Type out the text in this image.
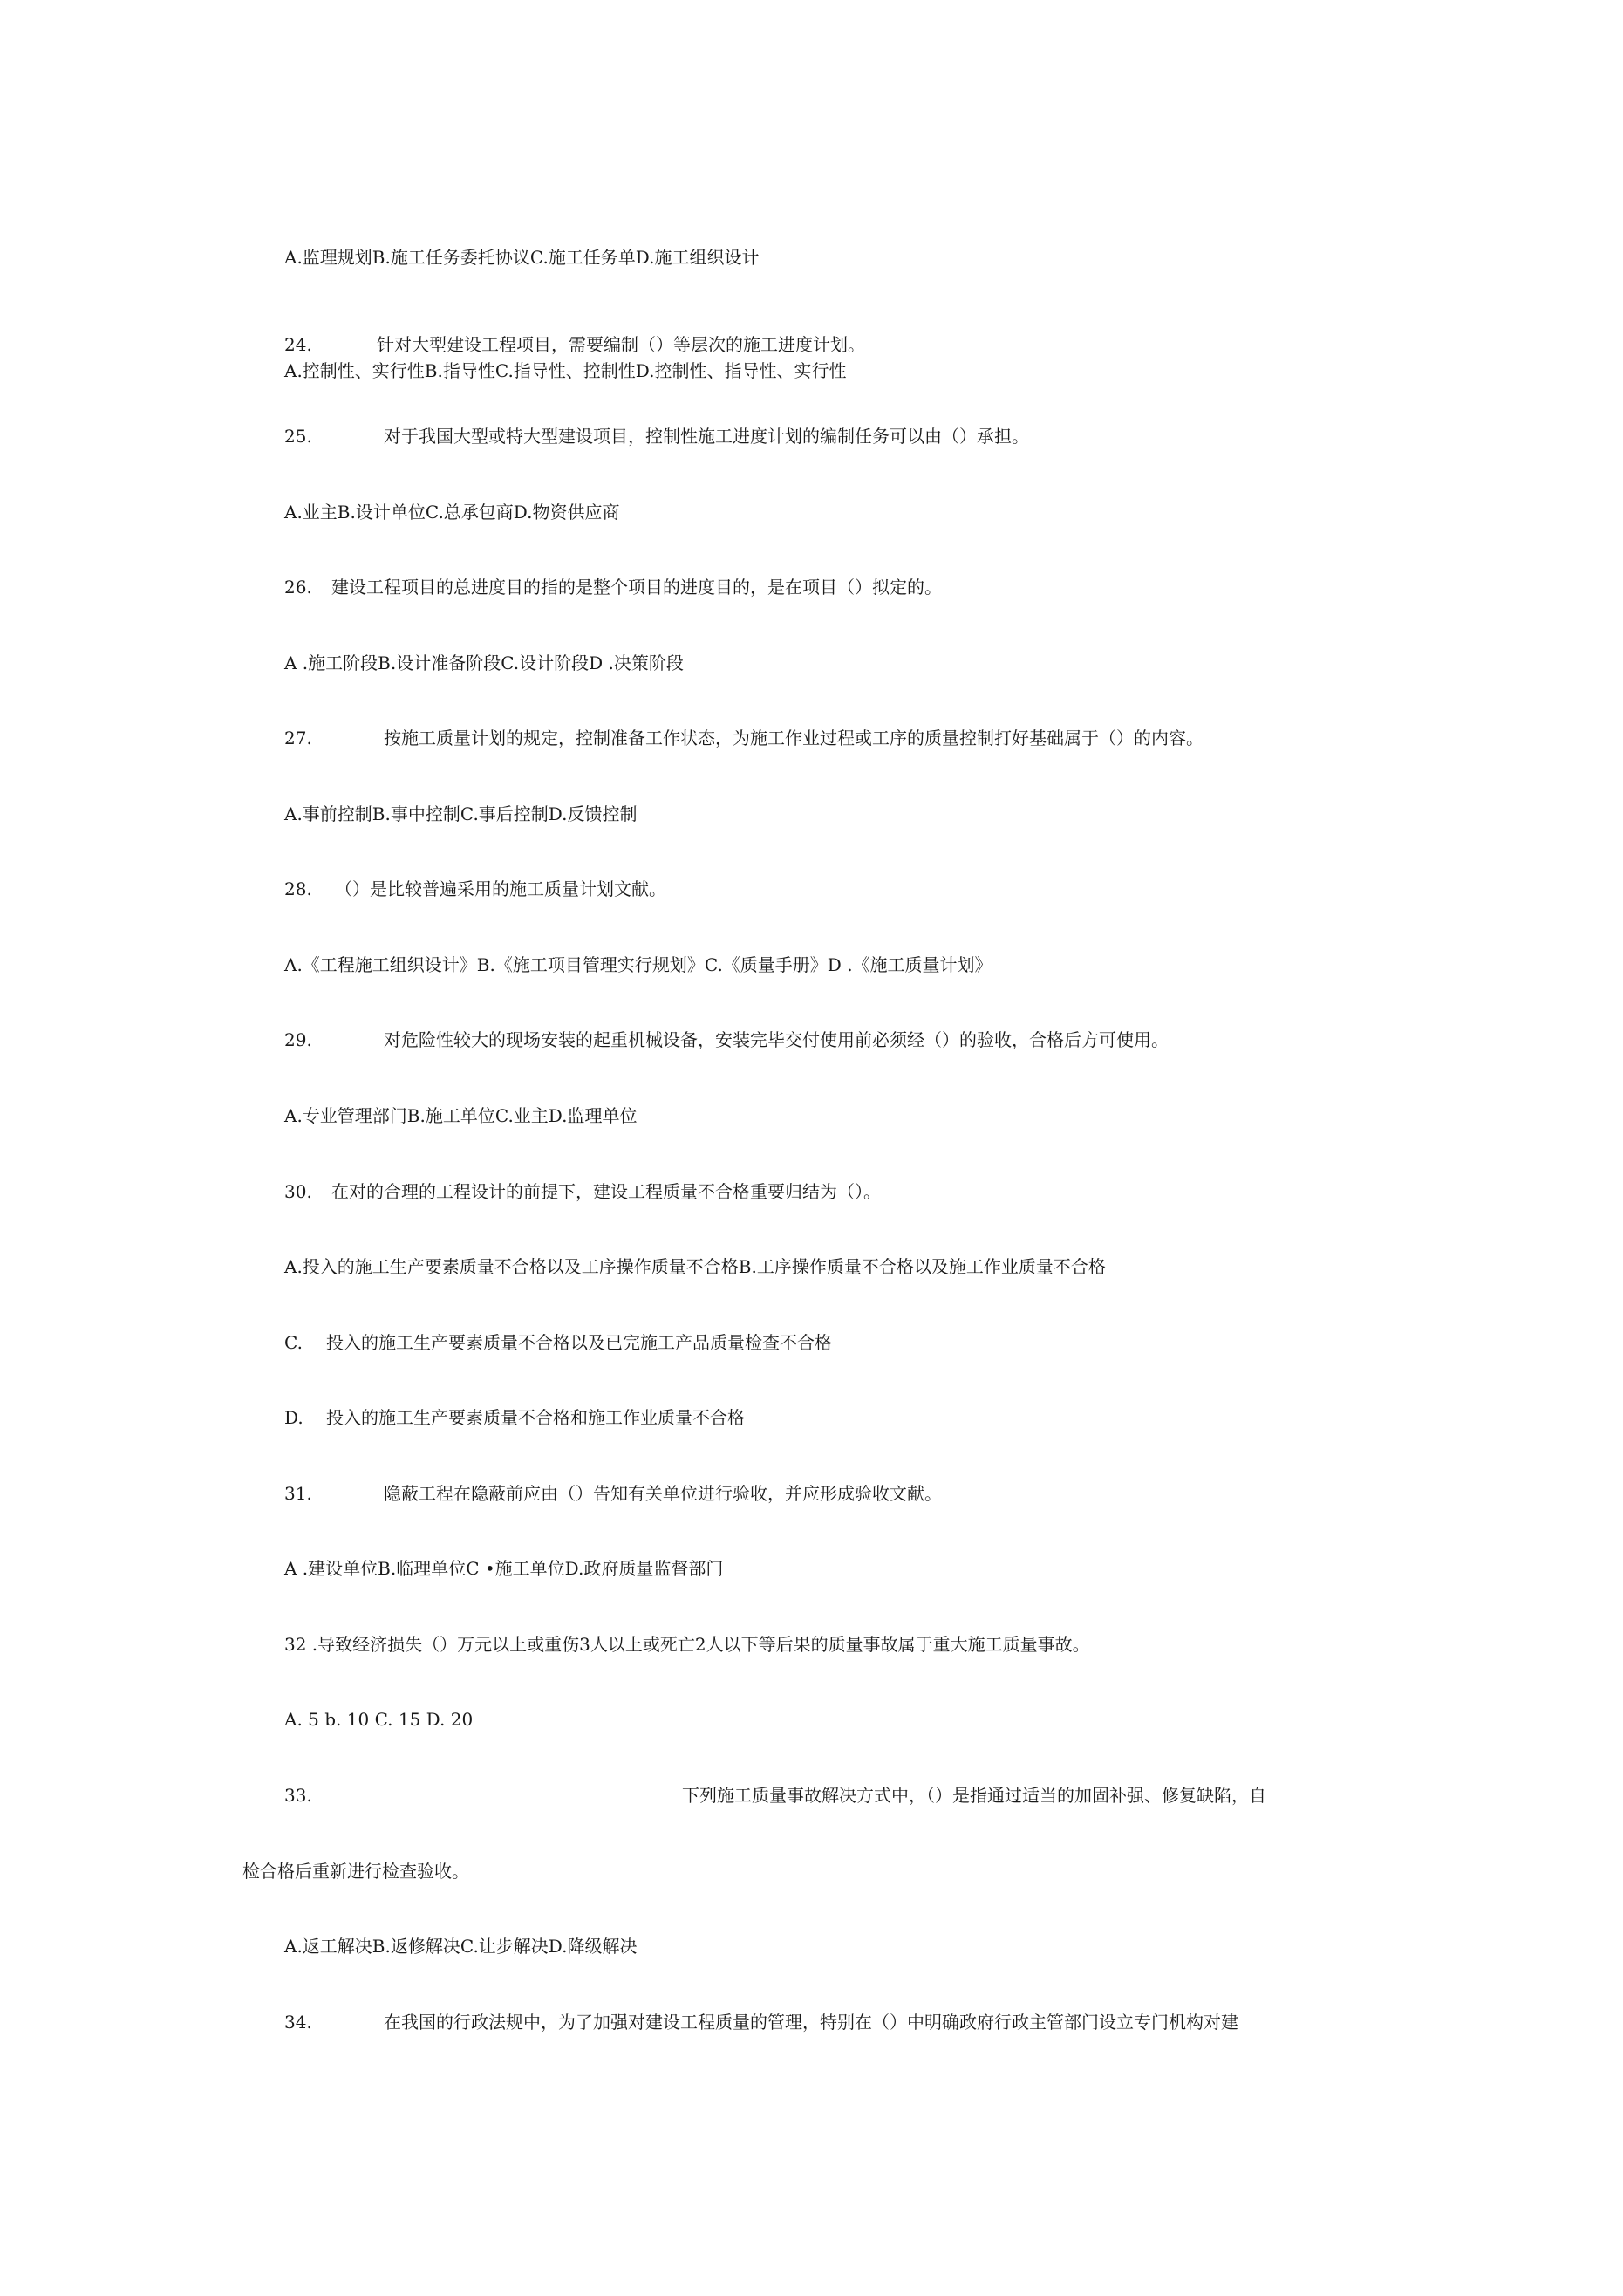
A.监理规划B.施工任务委托协议C.施工任务单D.施工组织设计
24.	针对大型建设工程项目，需要编制（）等层次的施工进度计划。
A.控制性、实行性B.指导性C.指导性、控制性D.控制性、指导性、实行性
25.	对于我国大型或特大型建设项目，控制性施工进度计划的编制任务可以由（）承担。
A.业主B.设计单位C.总承包商D.物资供应商
26. 建设工程项目的总进度目的指的是整个项目的进度目的，是在项目（）拟定的。
A .施工阶段B.设计准备阶段C.设计阶段D .决策阶段
27.	按施工质量计划的规定，控制准备工作状态，为施工作业过程或工序的质量控制打好基础属于（）的内容。
A.事前控制B.事中控制C.事后控制D.反馈控制
28. （）是比较普遍采用的施工质量计划文献。
A.《工程施工组织设计》B.《施工项目管理实行规划》C.《质量手册》D .《施工质量计划》
29.	对危险性较大的现场安装的起重机械设备，安装完毕交付使用前必须经（）的验收，合格后方可使用。
A.专业管理部门B.施工单位C.业主D.监理单位
30. 在对的合理的工程设计的前提下，建设工程质量不合格重要归结为（）。
A.投入的施工生产要素质量不合格以及工序操作质量不合格B.工序操作质量不合格以及施工作业质量不合格
C. 投入的施工生产要素质量不合格以及已完施工产品质量检查不合格
D. 投入的施工生产要素质量不合格和施工作业质量不合格
31.	隐蔽工程在隐蔽前应由（）告知有关单位进行验收，并应形成验收文献。
A .建设单位B.临理单位C •施工单位D.政府质量监督部门
32 .导致经济损失（）万元以上或重伤3人以上或死亡2人以下等后果的质量事故属于重大施工质量事故。
A. 5 b. 10 C. 15 D. 20
33.	下列施工质量事故解决方式中，（）是指通过适当的加固补强、修复缺陷，自
检合格后重新进行检查验收。
A.返工解决B.返修解决C.让步解决D.降级解决
34.	在我国的行政法规中，为了加强对建设工程质量的管理，特别在（）中明确政府行政主管部门设立专门机构对建
